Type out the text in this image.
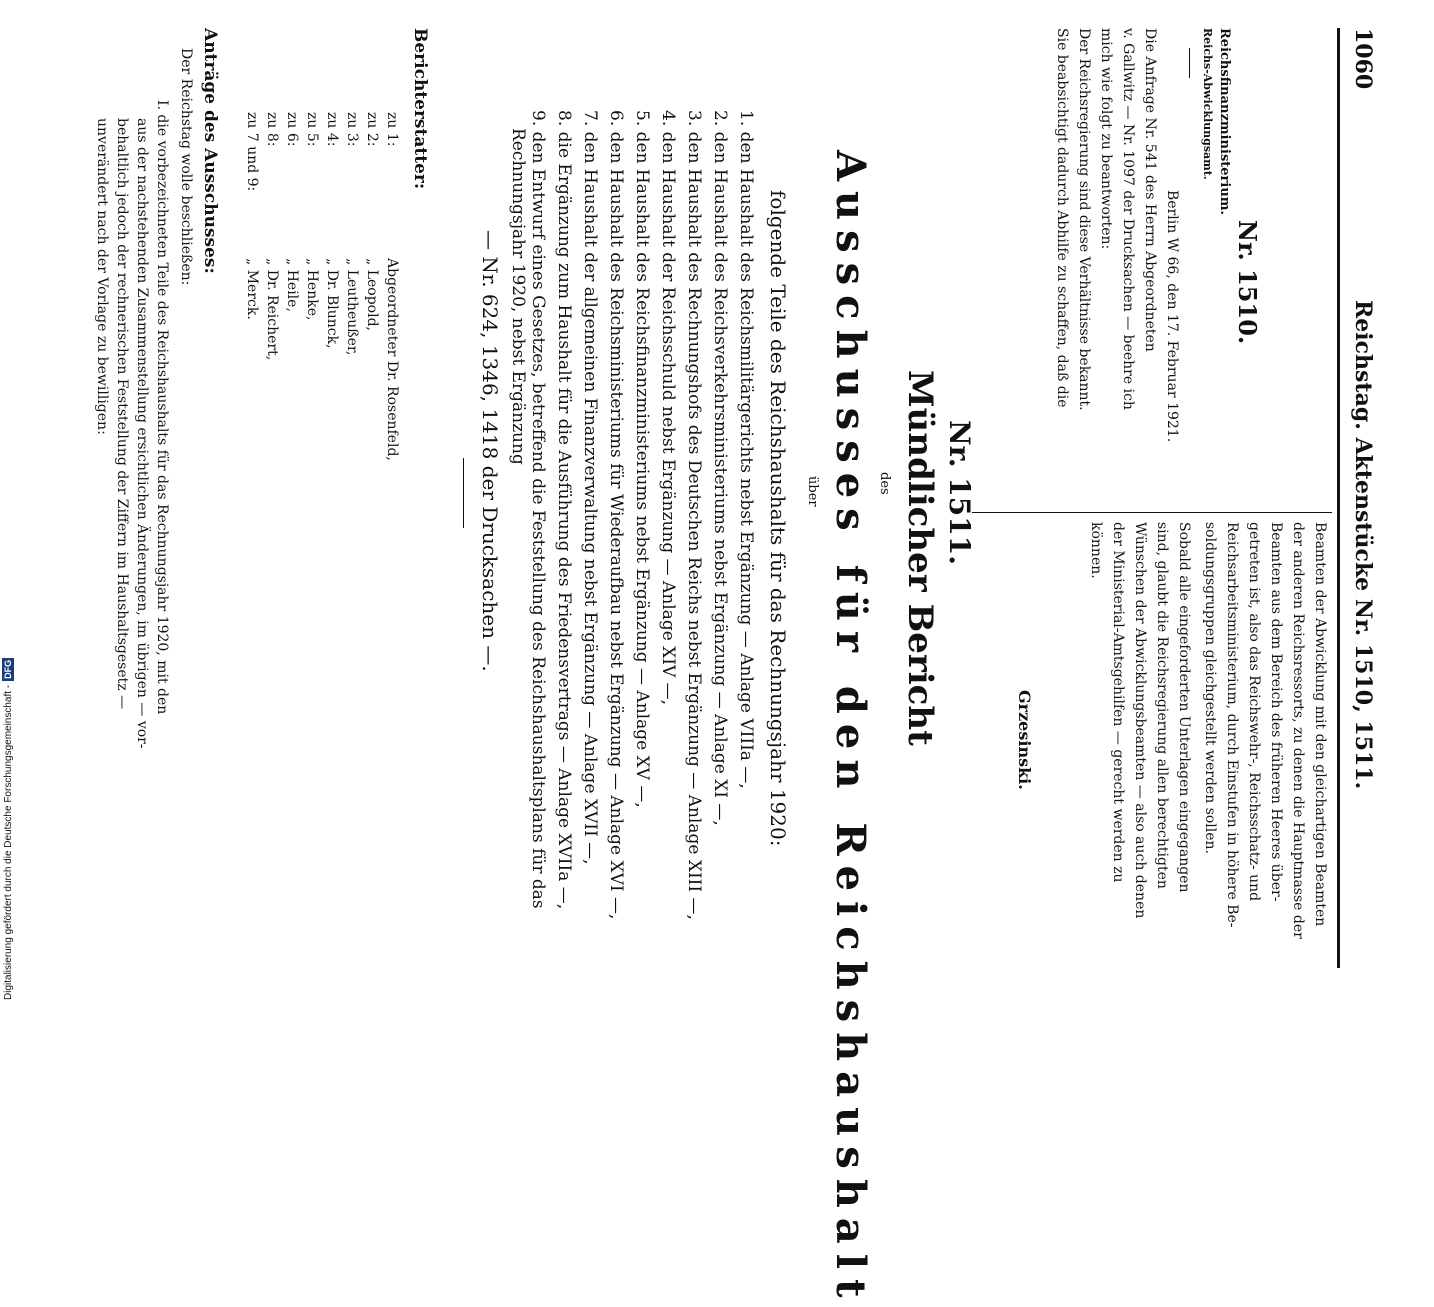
1060
Reichstag. Aktenstücke Nr. 1510, 1511.
Nr. 1510.
Reichsfinanzministerium.
Reichs-Abwicklungsamt.
Berlin W 66, den 17. Februar 1921.
Die Anfrage Nr. 541 des Herrn Abgeordneten
v. Gallwitz — Nr. 1097 der Drucksachen — beehre ich
mich wie folgt zu beantworten:
Der Reichsregierung sind diese Verhältnisse bekannt.
Sie beabsichtigt dadurch Abhilfe zu schaffen, daß die
Beamten der Abwicklung mit den gleichartigen Beamten
der anderen Reichsressorts, zu denen die Hauptmasse der
Beamten aus dem Bereich des früheren Heeres über-
getreten ist, also das Reichswehr-, Reichsschatz- und
Reichsarbeitsministerium, durch Einstufen in höhere Be-
soldungsgruppen gleichgestellt werden sollen.
Sobald alle eingeforderten Unterlagen eingegangen
sind, glaubt die Reichsregierung allen berechtigten
Wünschen der Abwicklungsbeamten — also auch denen
der Ministerial-Amtsgehilfen — gerecht werden zu
können.
Grzesinski.
Nr. 1511.
Mündlicher Bericht
des
Ausschusses für den Reichshaushalt
über
folgende Teile des Reichshaushalts für das Rechnungsjahr 1920:
1. den Haushalt des Reichsmilitärgerichts nebst Ergänzung — Anlage VIIIa —,
2. den Haushalt des Reichsverkehrsministeriums nebst Ergänzung — Anlage XI —,
3. den Haushalt des Rechnungshofs des Deutschen Reichs nebst Ergänzung — Anlage XIII —,
4. den Haushalt der Reichsschuld nebst Ergänzung — Anlage XIV —,
5. den Haushalt des Reichsfinanzministeriums nebst Ergänzung — Anlage XV —,
6. den Haushalt des Reichsministeriums für Wiederaufbau nebst Ergänzung — Anlage XVI —,
7. den Haushalt der allgemeinen Finanzverwaltung nebst Ergänzung — Anlage XVII —,
8. die Ergänzung zum Haushalt für die Ausführung des Friedensvertrags — Anlage XVIIa —,
9. den Entwurf eines Gesetzes, betreffend die Feststellung des Reichshaushaltsplans für das
Rechnungsjahr 1920, nebst Ergänzung
— Nr. 624, 1346, 1418 der Drucksachen —.
Berichterstatter:
zu 1:
Abgeordneter Dr. Rosenfeld,
zu 2:
„ Leopold,
zu 3:
„ Leutheußer,
zu 4:
„ Dr. Blunck,
zu 5:
„ Henke,
zu 6:
„ Heile,
zu 8:
„ Dr. Reichert,
zu 7 und 9:
„ Merck.
Anträge des Ausschusses:
Der Reichstag wolle beschließen:
I. die vorbezeichneten Teile des Reichshaushalts für das Rechnungsjahr 1920, mit den
aus der nachstehenden Zusammenstellung ersichtlichen Änderungen, im übrigen — vor-
behaltlich jedoch der rechnerischen Feststellung der Ziffern im Haushaltsgesetz —
unverändert nach der Vorlage zu bewilligen:
Digitalisierung gefördert durch die Deutsche Forschungsgemeinschaft -DFG
